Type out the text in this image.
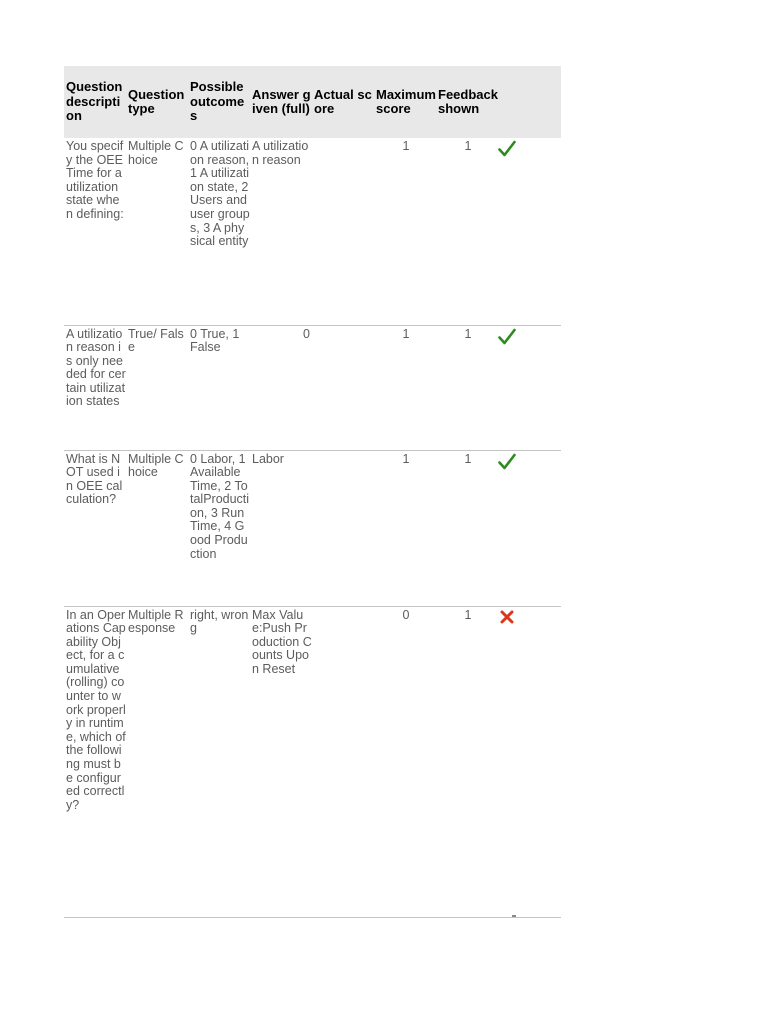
Question description	Question type	Possible outcomes	Answer given (full)	Actual score	Maximum score	Feedback shown	
You specify the OEE Time for a utilization state when defining:	Multiple Choice	0 A utilization reason, 1 A utilization state, 2 Users and user groups, 3 A physical entity	A utilization reason		1	1	
A utilization reason is only needed for certain utilization states	True/ False	0 True, 1 False	0		1	1	
What is NOT used in OEE calculation?	Multiple Choice	0 Labor, 1 Available Time, 2 TotalProduction, 3 RunTime, 4 Good Production	Labor		1	1	
In an Operations Capability Object, for a cumulative (rolling) counter to work properly in runtime, which of the following must be configured correctly?	Multiple Response	right, wrong	Max Value:Push Production Counts Upon Reset		0	1	
